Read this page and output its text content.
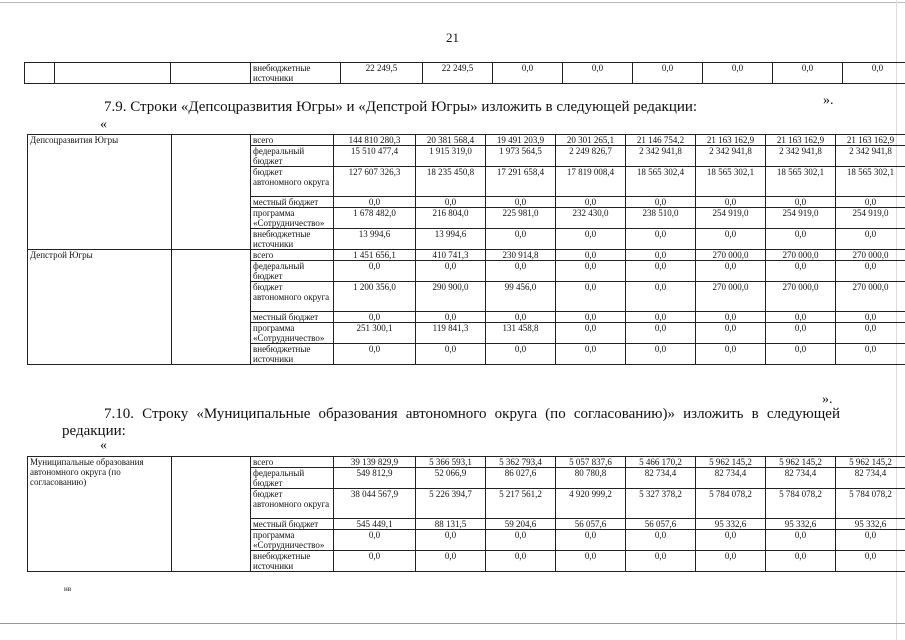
21
			внебюджетные источники	22 249,5	22 249,5	0,0	0,0	0,0	0,0	0,0	0,0
7.9. Строки «Депсоцразвития Югры» и «Депстрой Югры» изложить в следующей редакции:	».
«
Депсоцразвития Югры		всего	144 810 280,3	20 381 568,4	19 491 203,9	20 301 265,1	21 146 754,2	21 163 162,9	21 163 162,9	21 163 162,9
		федеральный бюджет	15 510 477,4	1 915 319,0	1 973 564,5	2 249 826,7	2 342 941,8	2 342 941,8	2 342 941,8	2 342 941,8
		бюджет автономного округа	127 607 326,3	18 235 450,8	17 291 658,4	17 819 008,4	18 565 302,4	18 565 302,1	18 565 302,1	18 565 302,1
		местный бюджет	0,0	0,0	0,0	0,0	0,0	0,0	0,0	0,0
		программа «Сотрудничество»	1 678 482,0	216 804,0	225 981,0	232 430,0	238 510,0	254 919,0	254 919,0	254 919,0
		внебюджетные источники	13 994,6	13 994,6	0,0	0,0	0,0	0,0	0,0	0,0
Депстрой Югры		всего	1 451 656,1	410 741,3	230 914,8	0,0	0,0	270 000,0	270 000,0	270 000,0
		федеральный бюджет	0,0	0,0	0,0	0,0	0,0	0,0	0,0	0,0
		бюджет автономного округа	1 200 356,0	290 900,0	99 456,0	0,0	0,0	270 000,0	270 000,0	270 000,0
		местный бюджет	0,0	0,0	0,0	0,0	0,0	0,0	0,0	0,0
		программа «Сотрудничество»	251 300,1	119 841,3	131 458,8	0,0	0,0	0,0	0,0	0,0
		внебюджетные источники	0,0	0,0	0,0	0,0	0,0	0,0	0,0	0,0
».
7.10. Строку «Муниципальные образования автономного округа (по согласованию)» изложить в следующей
редакции:
«
Муниципальные образования автономного округа (по согласованию)		всего	39 139 829,9	5 366 593,1	5 362 793,4	5 057 837,6	5 466 170,2	5 962 145,2	5 962 145,2	5 962 145,2
		федеральный бюджет	549 812,9	52 066,9	86 027,6	80 780,8	82 734,4	82 734,4	82 734,4	82 734,4
		бюджет автономного округа	38 044 567,9	5 226 394,7	5 217 561,2	4 920 999,2	5 327 378,2	5 784 078,2	5 784 078,2	5 784 078,2
		местный бюджет	545 449,1	88 131,5	59 204,6	56 057,6	56 057,6	95 332,6	95 332,6	95 332,6
		программа «Сотрудничество»	0,0	0,0	0,0	0,0	0,0	0,0	0,0	0,0
		внебюджетные источники	0,0	0,0	0,0	0,0	0,0	0,0	0,0	0,0
нв
